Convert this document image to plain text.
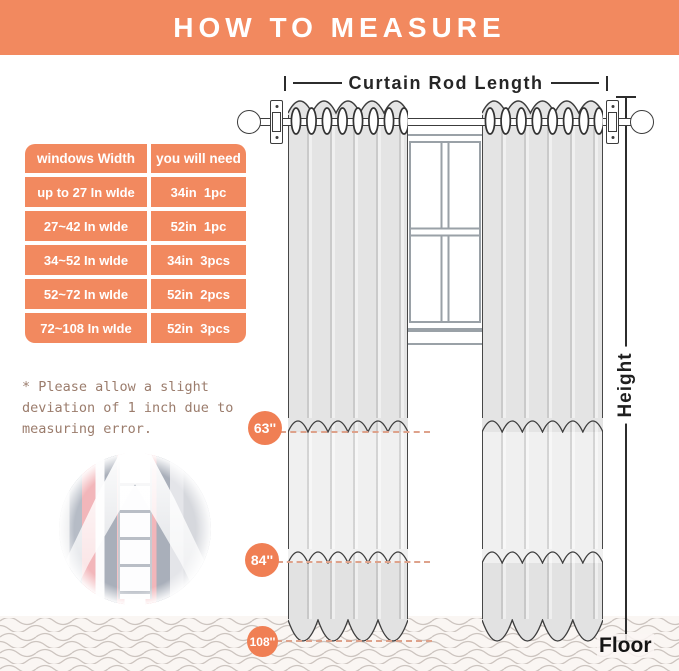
HOW TO MEASURE
Curtain Rod Length
Height
63''
84''
108''	Floor
windows Width	you will need
up to 27 In wIde	34in  1pc
27~42 In wIde	52in  1pc
34~52 In wIde	34in  3pcs
52~72 In wIde	52in  2pcs
72~108 In wIde	52in  3pcs
* Please allow a slight
deviation of 1 inch due to
measuring error.
